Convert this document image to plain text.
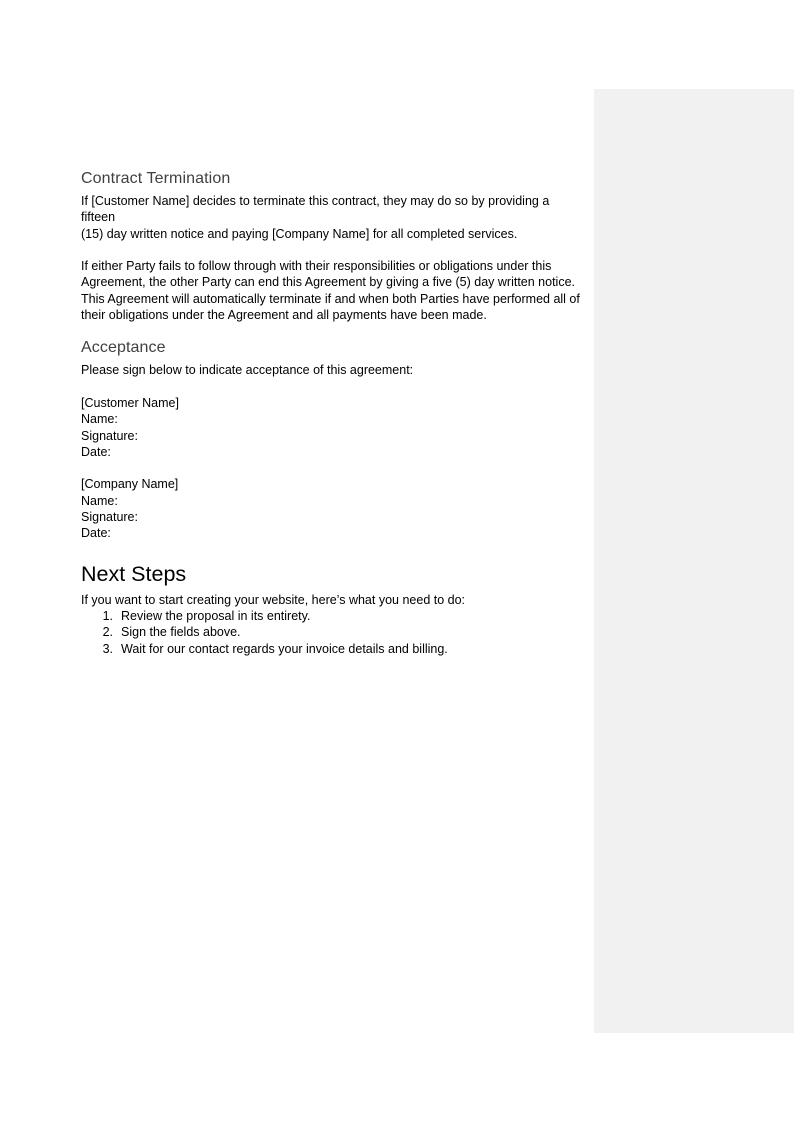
Contract Termination
If [Customer Name] decides to terminate this contract, they may do so by providing a fifteen
(15) day written notice and paying [Company Name] for all completed services.
If either Party fails to follow through with their responsibilities or obligations under this
Agreement, the other Party can end this Agreement by giving a five (5) day written notice.
This Agreement will automatically terminate if and when both Parties have performed all of
their obligations under the Agreement and all payments have been made.
Acceptance
Please sign below to indicate acceptance of this agreement:
[Customer Name]
Name:
Signature:
Date:
[Company Name]
Name:
Signature:
Date:
Next Steps
If you want to start creating your website, here’s what you need to do:
1. Review the proposal in its entirety.
2. Sign the fields above.
3. Wait for our contact regards your invoice details and billing.
